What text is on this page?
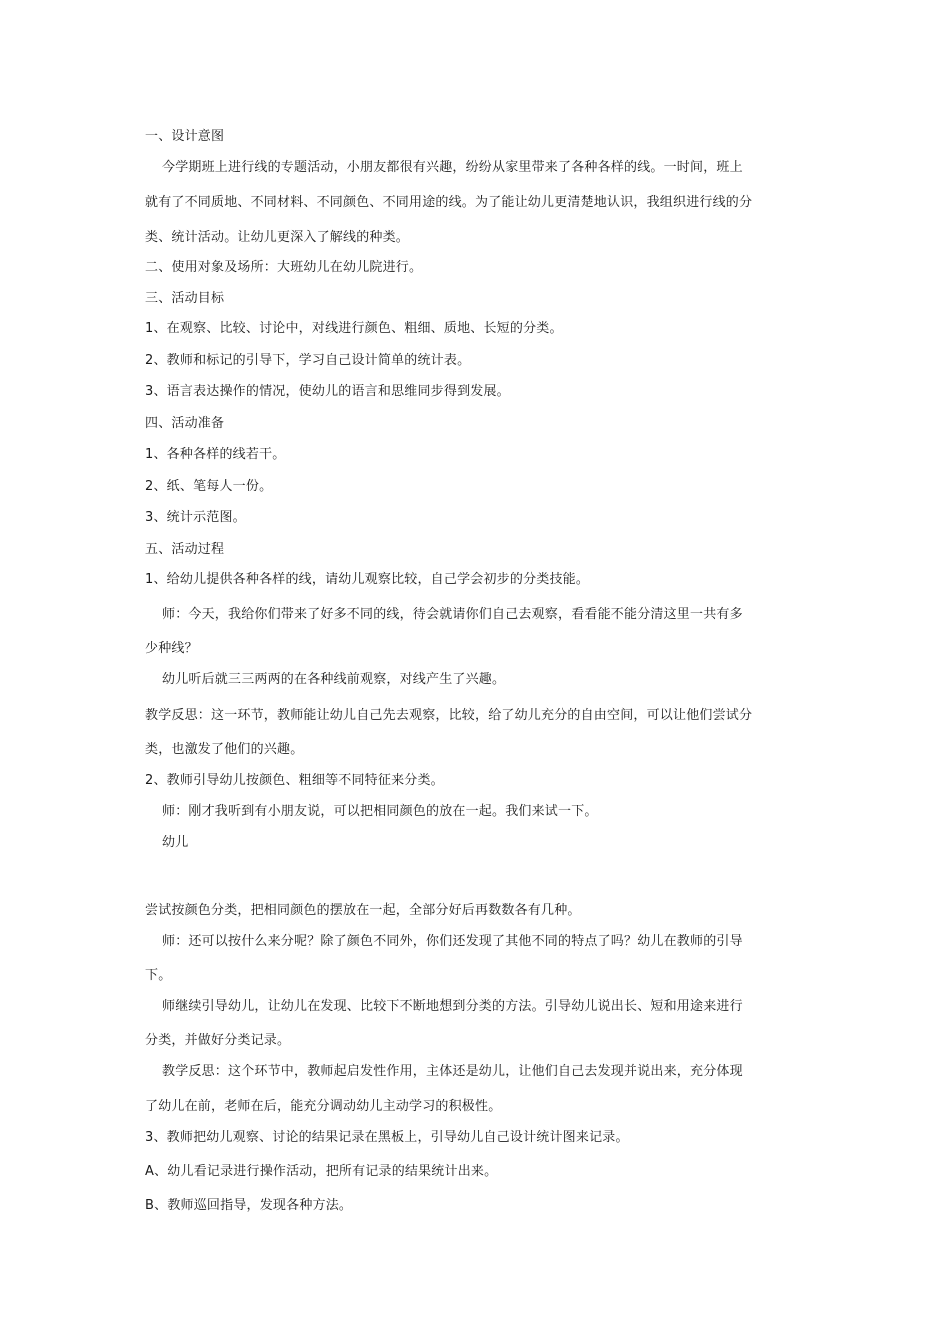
一、设计意图
今学期班上进行线的专题活动，小朋友都很有兴趣，纷纷从家里带来了各种各样的线。一时间，班上
就有了不同质地、不同材料、不同颜色、不同用途的线。为了能让幼儿更清楚地认识，我组织进行线的分
类、统计活动。让幼儿更深入了解线的种类。
二、使用对象及场所：大班幼儿在幼儿院进行。
三、活动目标
1、在观察、比较、讨论中，对线进行颜色、粗细、质地、长短的分类。
2、教师和标记的引导下，学习自己设计简单的统计表。
3、语言表达操作的情况，使幼儿的语言和思维同步得到发展。
四、活动准备
1、各种各样的线若干。
2、纸、笔每人一份。
3、统计示范图。
五、活动过程
1、给幼儿提供各种各样的线，请幼儿观察比较，自己学会初步的分类技能。
师：今天，我给你们带来了好多不同的线，待会就请你们自己去观察，看看能不能分清这里一共有多
少种线？
幼儿听后就三三两两的在各种线前观察，对线产生了兴趣。
教学反思：这一环节，教师能让幼儿自己先去观察，比较，给了幼儿充分的自由空间，可以让他们尝试分
类，也激发了他们的兴趣。
2、教师引导幼儿按颜色、粗细等不同特征来分类。
师：刚才我听到有小朋友说，可以把相同颜色的放在一起。我们来试一下。
幼儿
尝试按颜色分类，把相同颜色的摆放在一起，全部分好后再数数各有几种。
师：还可以按什么来分呢？除了颜色不同外，你们还发现了其他不同的特点了吗？幼儿在教师的引导
下。
师继续引导幼儿，让幼儿在发现、比较下不断地想到分类的方法。引导幼儿说出长、短和用途来进行
分类，并做好分类记录。
教学反思：这个环节中，教师起启发性作用，主体还是幼儿，让他们自己去发现并说出来，充分体现
了幼儿在前，老师在后，能充分调动幼儿主动学习的积极性。
3、教师把幼儿观察、讨论的结果记录在黑板上，引导幼儿自己设计统计图来记录。
A、幼儿看记录进行操作活动，把所有记录的结果统计出来。
B、教师巡回指导，发现各种方法。
